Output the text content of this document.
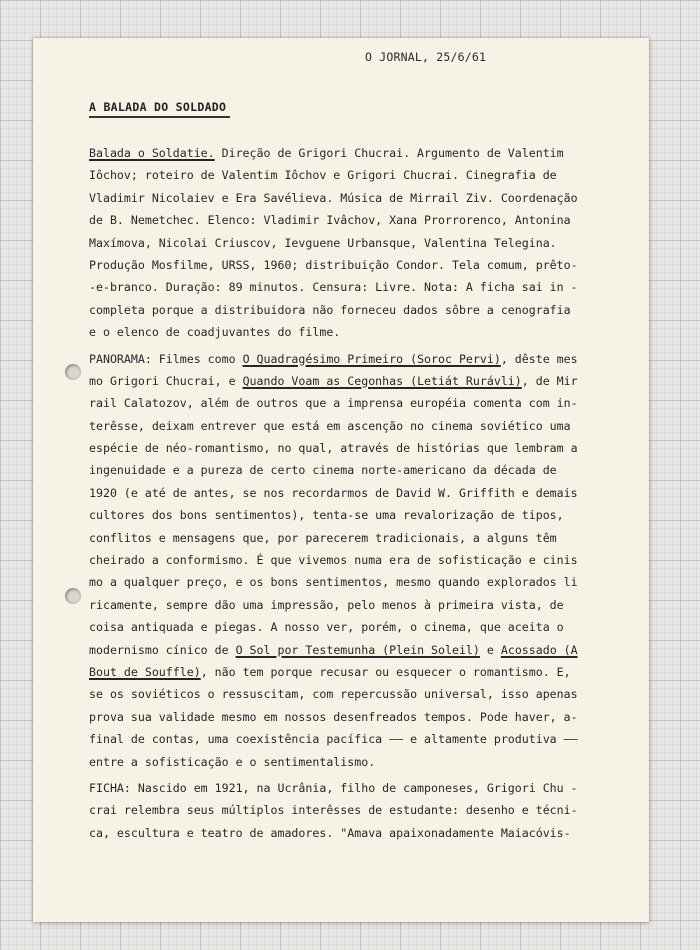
O JORNAL, 25/6/61
A BALADA DO SOLDADO
Balada o Soldatie. Direção de Grigori Chucrai. Argumento de Valentim
Iôchov; roteiro de Valentim Iôchov e Grigori Chucrai. Cinegrafia de
Vladimir Nicolaiev e Era Savélieva. Música de Mirrail Ziv. Coordenação
de B. Nemetchec. Elenco: Vladimir Ivâchov, Xana Prorrorenco, Antonina
Maxímova, Nicolai Criuscov, Ievguene Urbansque, Valentina Telegina.
Produção Mosfilme, URSS, 1960; distribuição Condor. Tela comum, prêto-
-e-branco. Duração: 89 minutos. Censura: Livre. Nota: A ficha sai in -
completa porque a distribuidora não forneceu dados sôbre a cenografia
e o elenco de coadjuvantes do filme.
PANORAMA: Filmes como O Quadragésimo Primeiro (Soroc Pervi), dêste mes
mo Grigori Chucrai, e Quando Voam as Cegonhas (Letiát Rurávli), de Mir
rail Calatozov, além de outros que a imprensa européia comenta com in-
terêsse, deixam entrever que está em ascenção no cinema soviético uma
espécie de néo-romantismo, no qual, através de histórias que lembram a
ingenuidade e a pureza de certo cinema norte-americano da década de
1920 (e até de antes, se nos recordarmos de David W. Griffith e demais
cultores dos bons sentimentos), tenta-se uma revalorização de tipos,
conflitos e mensagens que, por parecerem tradicionais, a alguns têm
cheirado a conformismo. É que vivemos numa era de sofisticação e cinis
mo a qualquer preço, e os bons sentimentos, mesmo quando explorados li
ricamente, sempre dão uma impressão, pelo menos à primeira vista, de
coisa antiquada e piegas. A nosso ver, porém, o cinema, que aceita o
modernismo cínico de O Sol por Testemunha (Plein Soleil) e Acossado (A
Bout de Souffle), não tem porque recusar ou esquecer o romantismo. E,
se os soviéticos o ressuscitam, com repercussão universal, isso apenas
prova sua validade mesmo em nossos desenfreados tempos. Pode haver, a-
final de contas, uma coexistência pacífica —— e altamente produtiva ——
entre a sofisticação e o sentimentalismo.
FICHA: Nascido em 1921, na Ucrânia, filho de camponeses, Grigori Chu -
crai relembra seus múltiplos interêsses de estudante: desenho e técni-
ca, escultura e teatro de amadores. "Amava apaixonadamente Maiacóvis-
